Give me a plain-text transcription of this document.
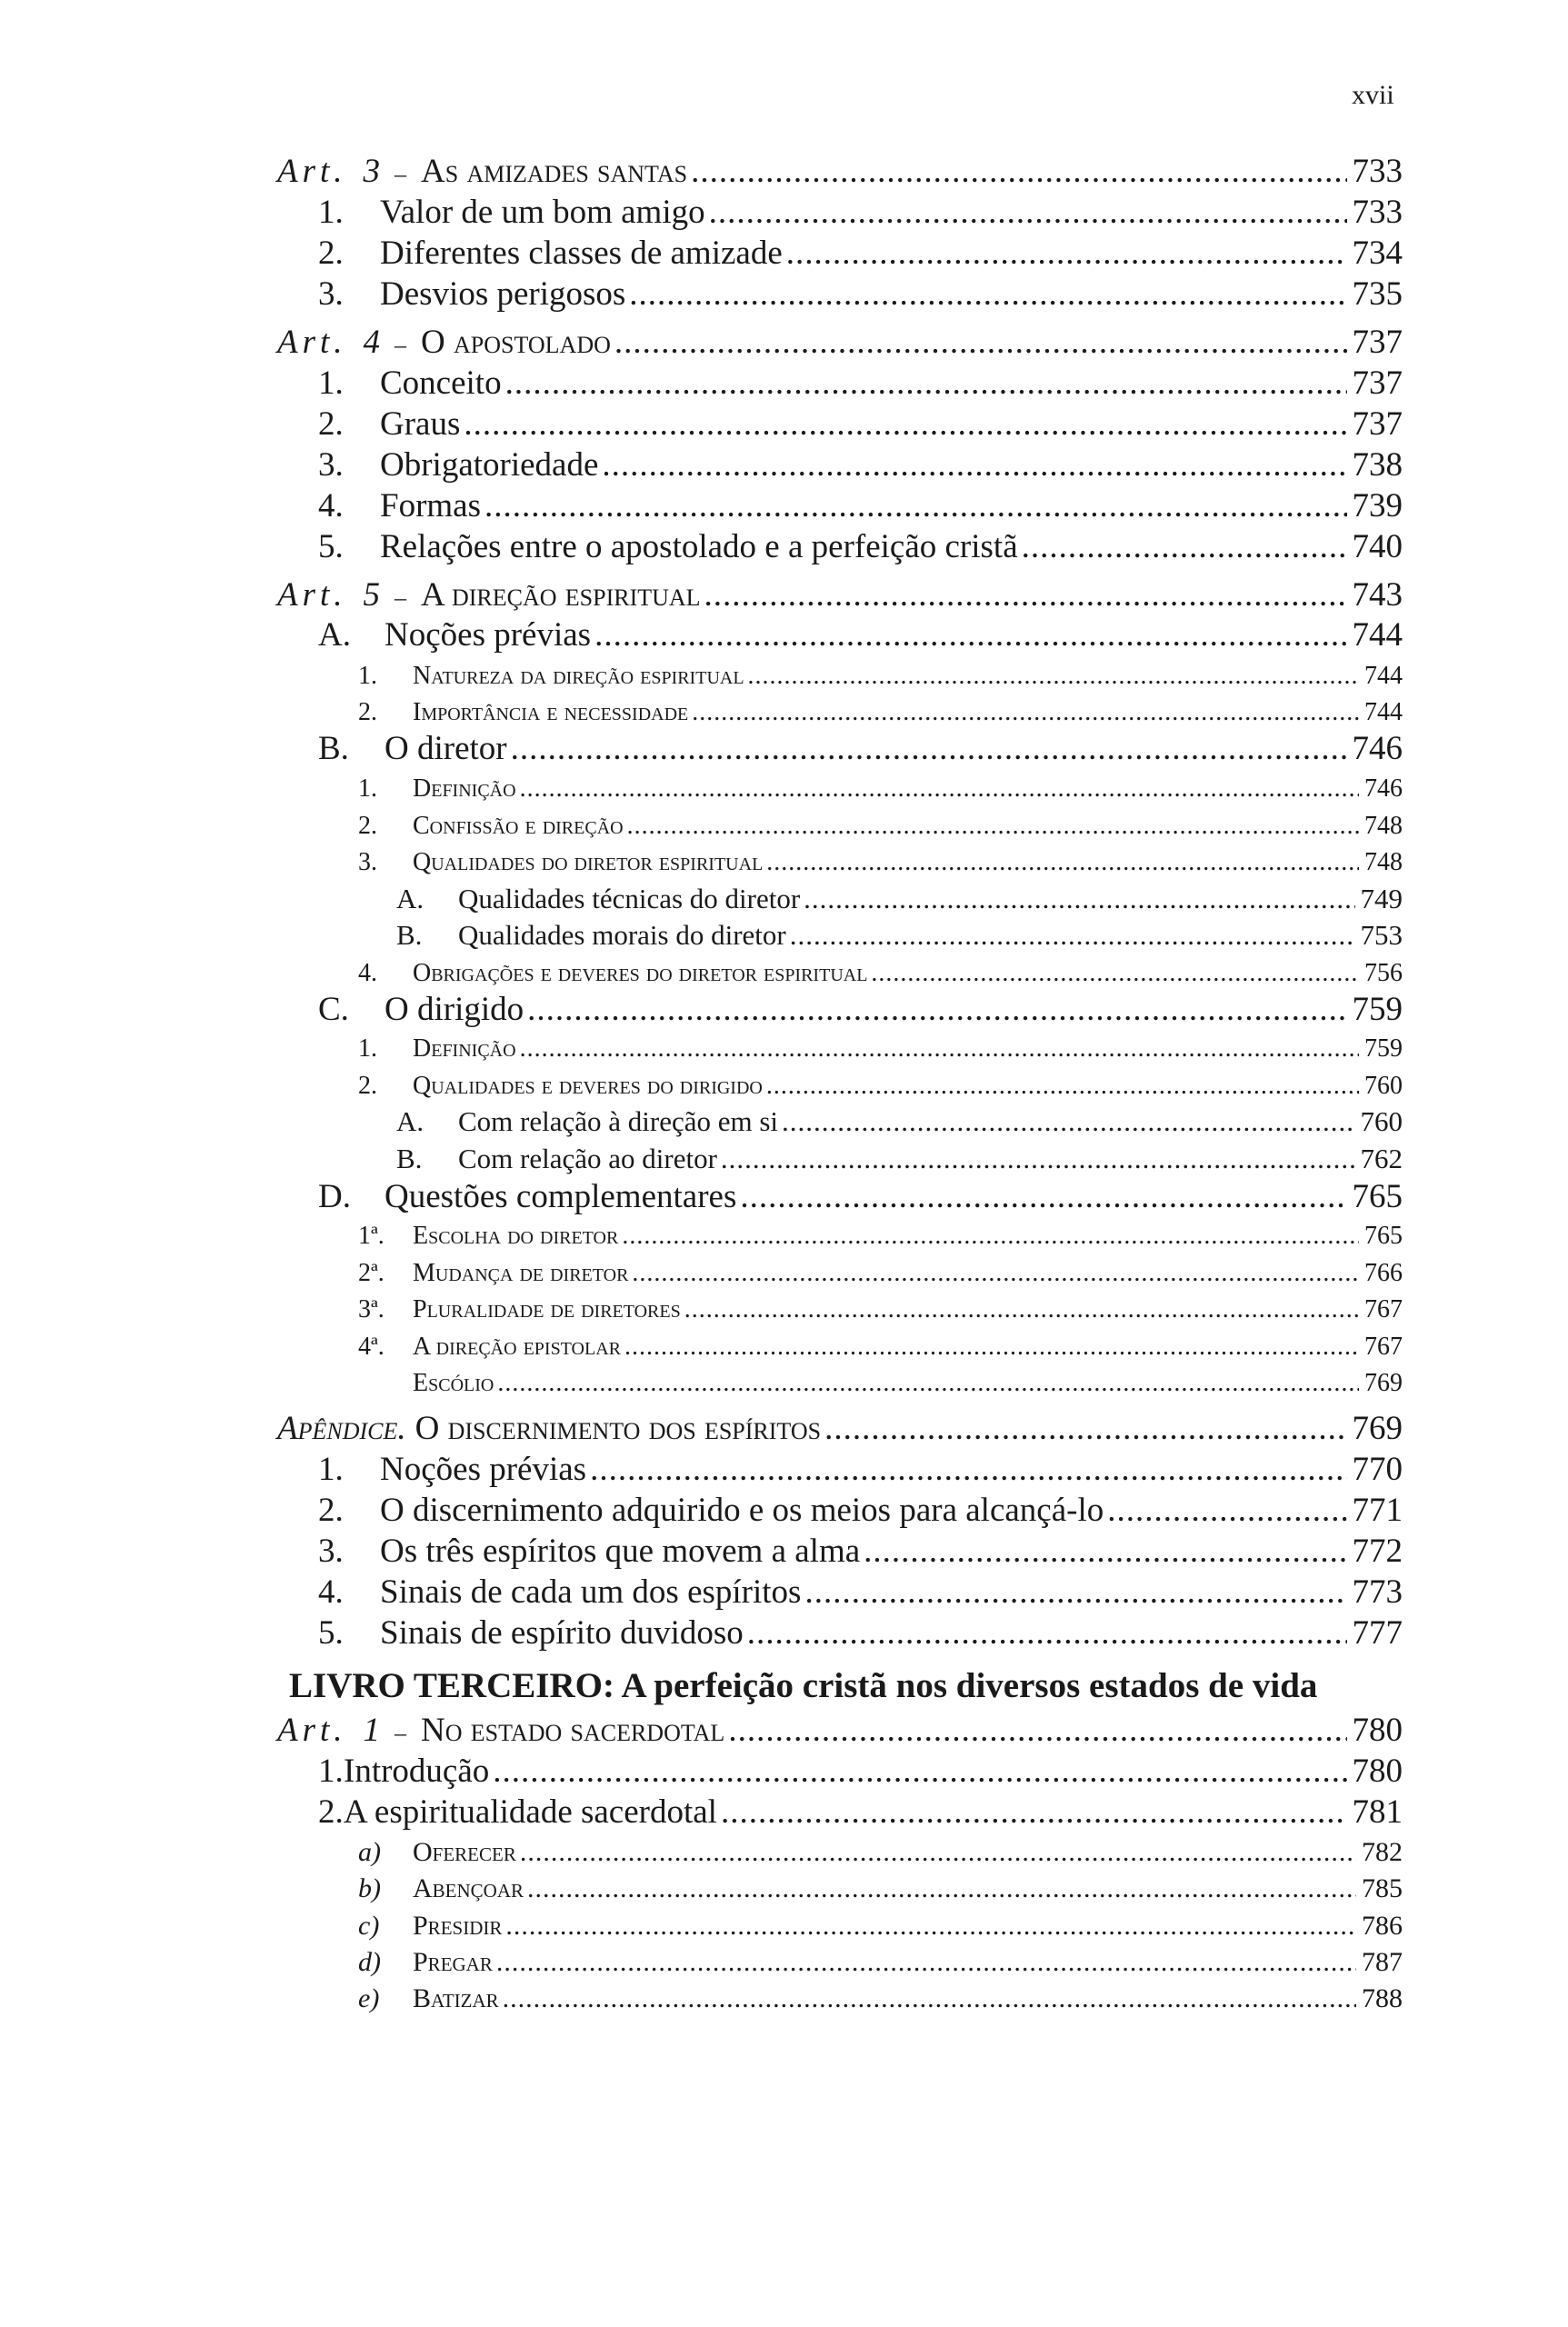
xvii
Art. 3 – As amizades santas .....	733
1.	Valor de um bom amigo .....	733
2.	Diferentes classes de amizade .....	734
3.	Desvios perigosos .....	735
Art. 4 – O apostolado .....	737
1.	Conceito .....	737
2.	Graus .....	737
3.	Obrigatoriedade .....	738
4.	Formas .....	739
5.	Relações entre o apostolado e a perfeição cristã .....	740
Art. 5 – A direção espiritual .....	743
A.	Noções prévias .....	744
1.	Natureza da direção espiritual .....	744
2.	Importância e necessidade .....	744
B.	O diretor .....	746
1.	Definição .....	746
2.	Confissão e direção .....	748
3.	Qualidades do diretor espiritual .....	748
A.	Qualidades técnicas do diretor .....	749
B.	Qualidades morais do diretor .....	753
4.	Obrigações e deveres do diretor espiritual .....	756
C.	O dirigido .....	759
1.	Definição .....	759
2.	Qualidades e deveres do dirigido .....	760
A.	Com relação à direção em si .....	760
B.	Com relação ao diretor .....	762
D.	Questões complementares .....	765
1ª.	Escolha do diretor .....	765
2ª.	Mudança de diretor .....	766
3ª.	Pluralidade de diretores .....	767
4ª.	A direção epistolar .....	767
Escólio .....	769
Apêndice. O discernimento dos espíritos .....	769
1.	Noções prévias .....	770
2.	O discernimento adquirido e os meios para alcançá-lo .....	771
3.	Os três espíritos que movem a alma .....	772
4.	Sinais de cada um dos espíritos .....	773
5.	Sinais de espírito duvidoso .....	777
LIVRO TERCEIRO: A perfeição cristã nos diversos estados de vida
Art. 1 – No estado sacerdotal .....	780
1. Introdução .....	780
2. A espiritualidade sacerdotal .....	781
a)	Oferecer .....	782
b)	Abençoar .....	785
c)	Presidir .....	786
d)	Pregar .....	787
e)	Batizar .....	788
